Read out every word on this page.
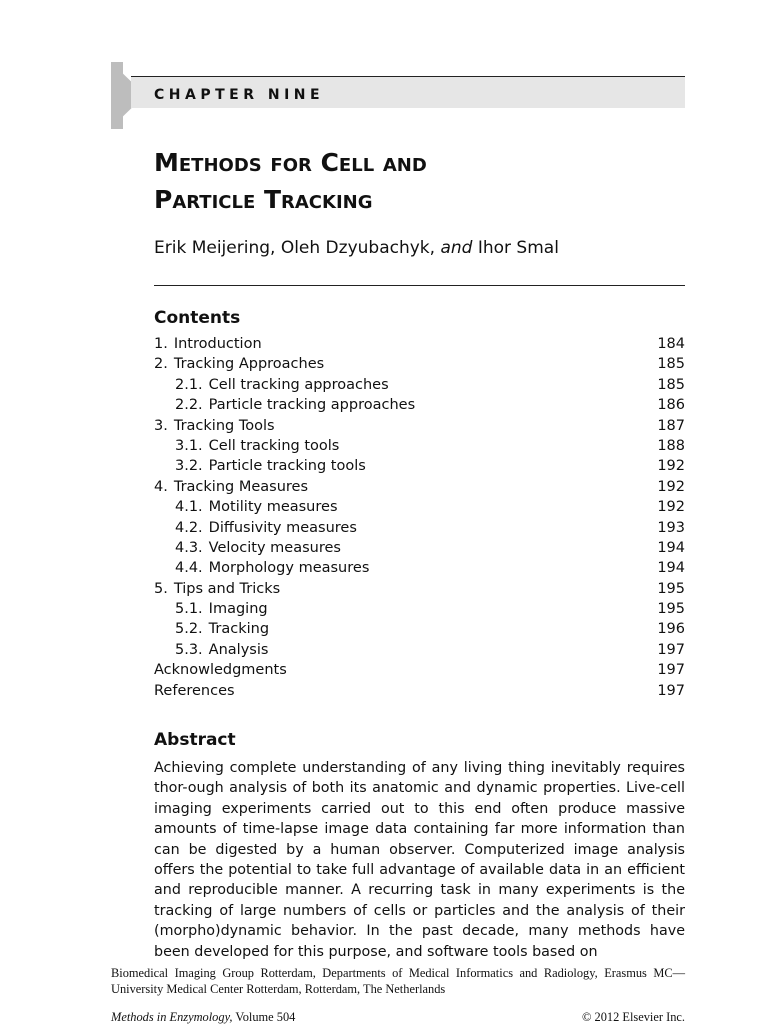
CHAPTER NINE
Methods for Cell and
Particle Tracking
Erik Meijering, Oleh Dzyubachyk, and Ihor Smal
Contents
1. Introduction	184
2. Tracking Approaches	185
2.1. Cell tracking approaches	185
2.2. Particle tracking approaches	186
3. Tracking Tools	187
3.1. Cell tracking tools	188
3.2. Particle tracking tools	192
4. Tracking Measures	192
4.1. Motility measures	192
4.2. Diffusivity measures	193
4.3. Velocity measures	194
4.4. Morphology measures	194
5. Tips and Tricks	195
5.1. Imaging	195
5.2. Tracking	196
5.3. Analysis	197
Acknowledgments	197
References	197
Abstract

Achieving complete understanding of any living thing inevitably requires thor-ough analysis of both its anatomic and dynamic properties. Live-cell imaging experiments carried out to this end often produce massive amounts of time-lapse image data containing far more information than can be digested by a human observer. Computerized image analysis offers the potential to take full advantage of available data in an efficient and reproducible manner. A recurring task in many experiments is the tracking of large numbers of cells or particles and the analysis of their (morpho)dynamic behavior. In the past decade, many methods have been developed for this purpose, and software tools based on

Biomedical Imaging Group Rotterdam, Departments of Medical Informatics and Radiology, Erasmus MC—University Medical Center Rotterdam, Rotterdam, The Netherlands

Methods in Enzymology, Volume 504	© 2012 Elsevier Inc.
